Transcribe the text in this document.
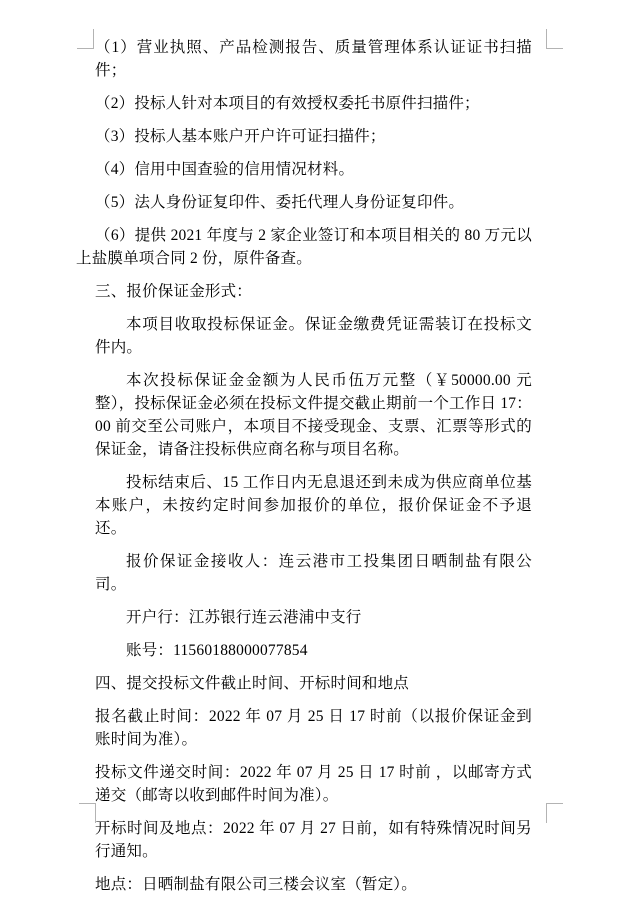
（1）营业执照、产品检测报告、质量管理体系认证证书扫描件；

（2）投标人针对本项目的有效授权委托书原件扫描件；

（3）投标人基本账户开户许可证扫描件；

（4）信用中国查验的信用情况材料。

（5）法人身份证复印件、委托代理人身份证复印件。

（6）提供 2021 年度与 2 家企业签订和本项目相关的 80 万元以上盐膜单项合同 2 份，原件备查。

三、报价保证金形式：

本项目收取投标保证金。保证金缴费凭证需装订在投标文件内。

本次投标保证金金额为人民币伍万元整（￥50000.00 元整），投标保证金必须在投标文件提交截止期前一个工作日 17：00 前交至公司账户，本项目不接受现金、支票、汇票等形式的保证金，请备注投标供应商名称与项目名称。

投标结束后、15 工作日内无息退还到未成为供应商单位基本账户，未按约定时间参加报价的单位，报价保证金不予退还。

报价保证金接收人：连云港市工投集团日晒制盐有限公司。

开户行：江苏银行连云港浦中支行

账号：11560188000077854

四、提交投标文件截止时间、开标时间和地点

报名截止时间：2022 年 07 月 25 日 17 时前（以报价保证金到账时间为准）。

投标文件递交时间：2022 年 07 月 25 日 17 时前 ，以邮寄方式递交（邮寄以收到邮件时间为准）。

开标时间及地点：2022 年 07 月 27 日前，如有特殊情况时间另行通知。

地点：日晒制盐有限公司三楼会议室（暂定）。
